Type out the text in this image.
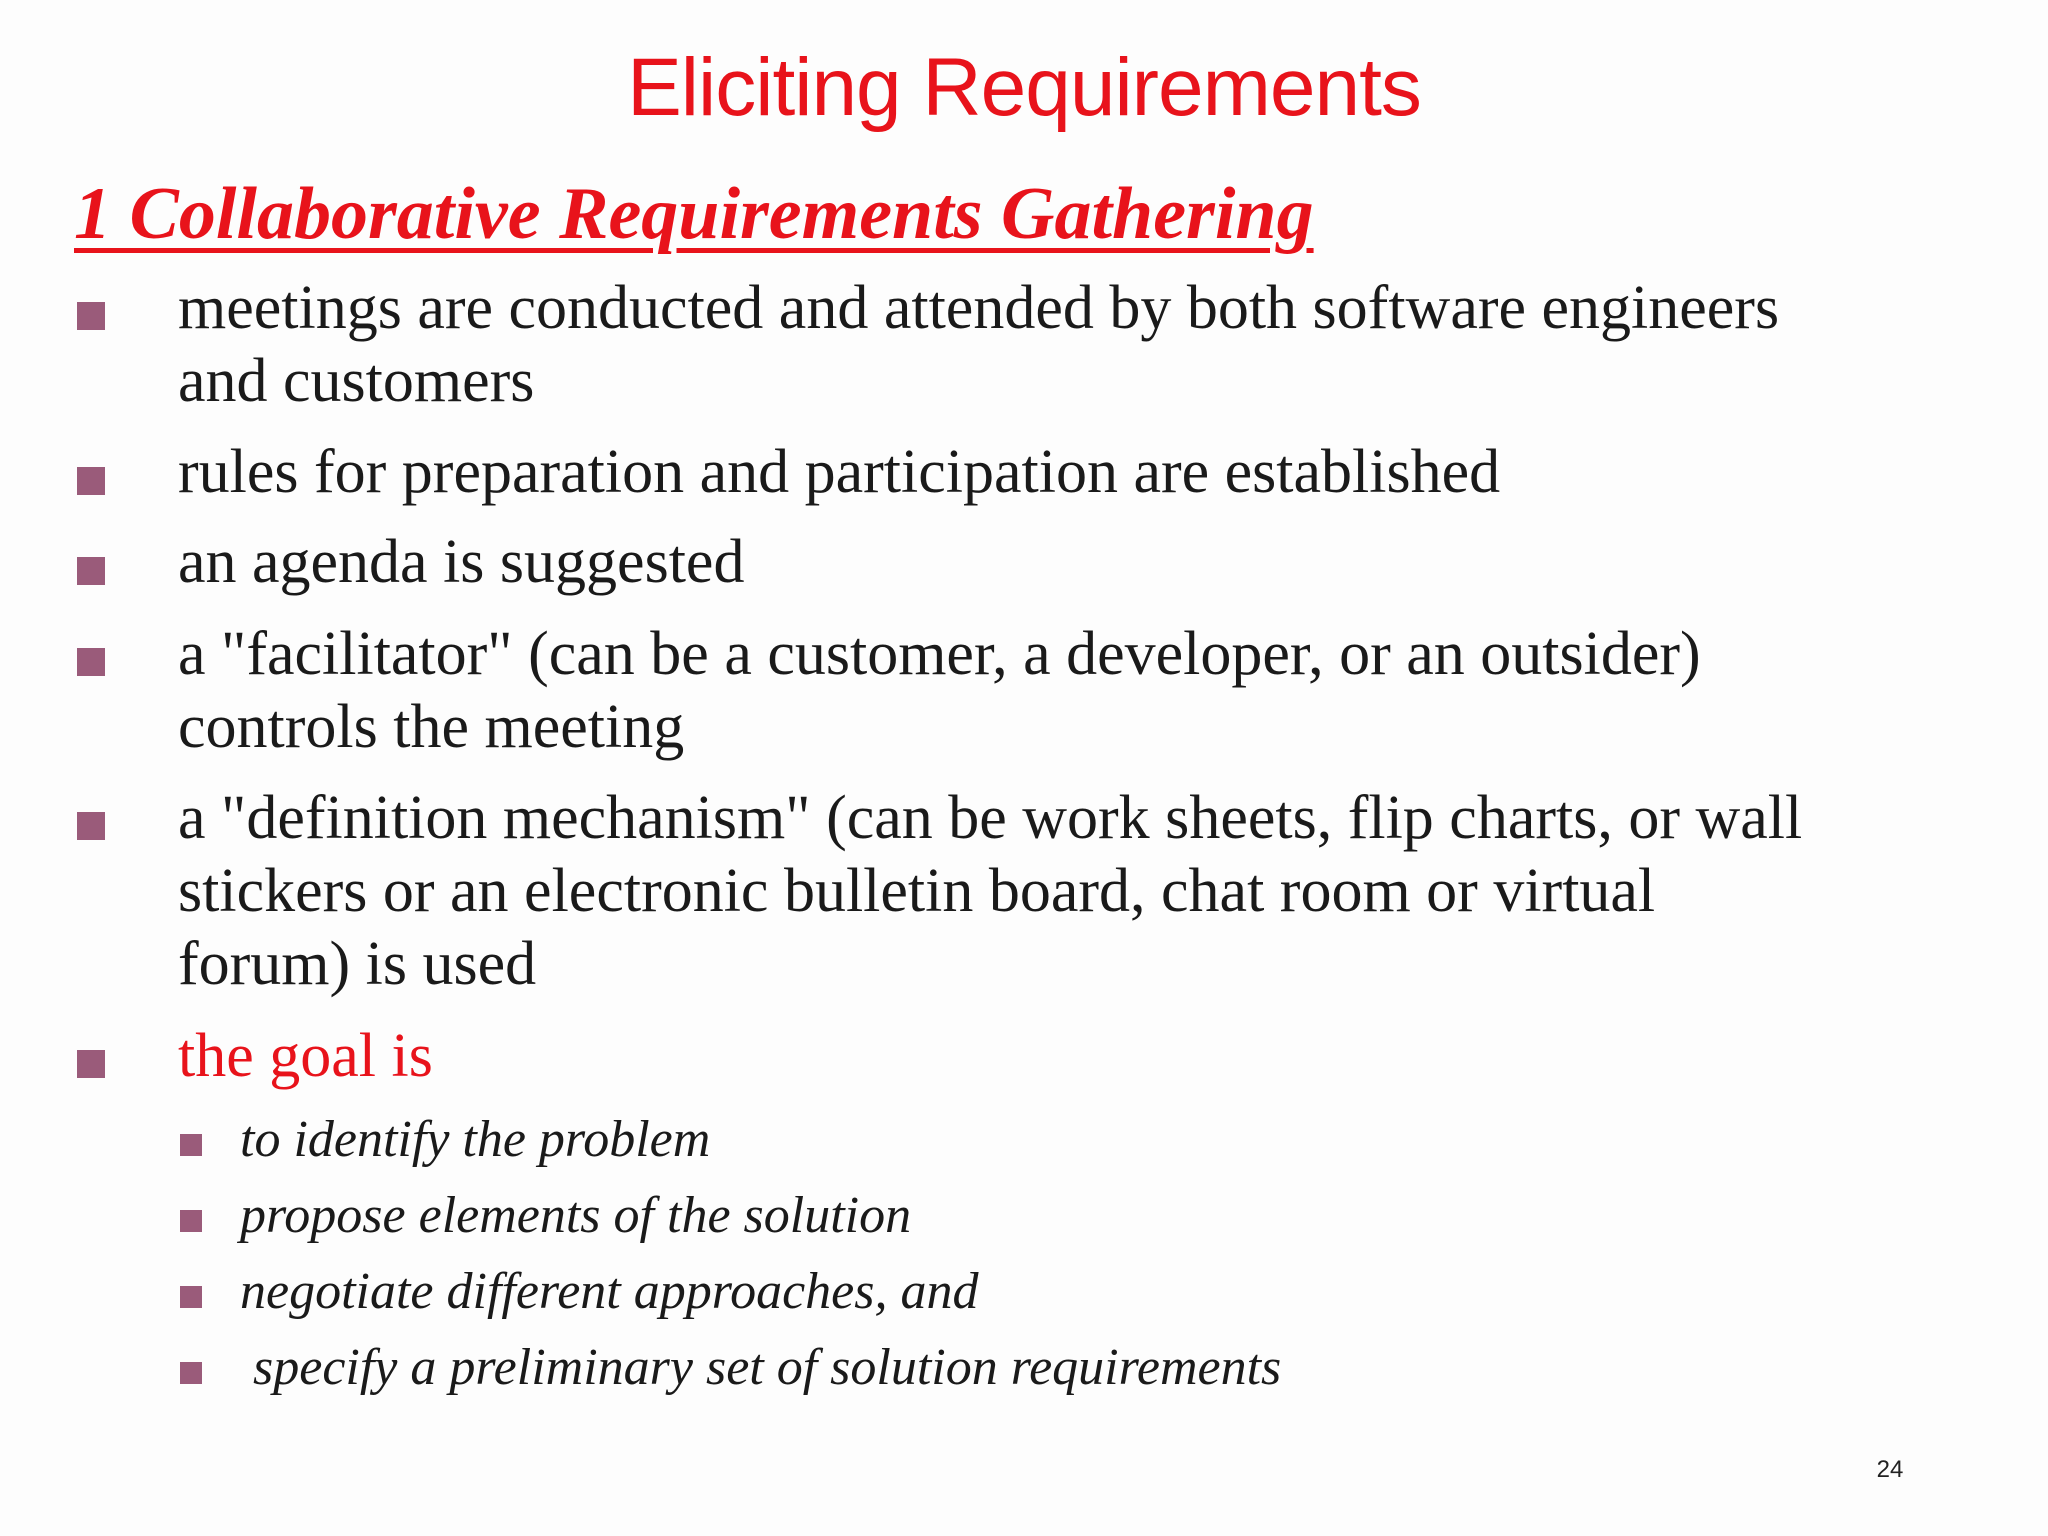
Eliciting Requirements
1 Collaborative Requirements Gathering
meetings are conducted and attended by both software engineers
and customers
rules for preparation and participation are established
an agenda is suggested
a "facilitator" (can be a customer, a developer, or an outsider)
controls the meeting
a "definition mechanism" (can be work sheets, flip charts, or wall
stickers or an electronic bulletin board, chat room or virtual
forum) is used
the goal is
to identify the problem
propose elements of the solution
negotiate different approaches, and
specify a preliminary set of solution requirements
24
